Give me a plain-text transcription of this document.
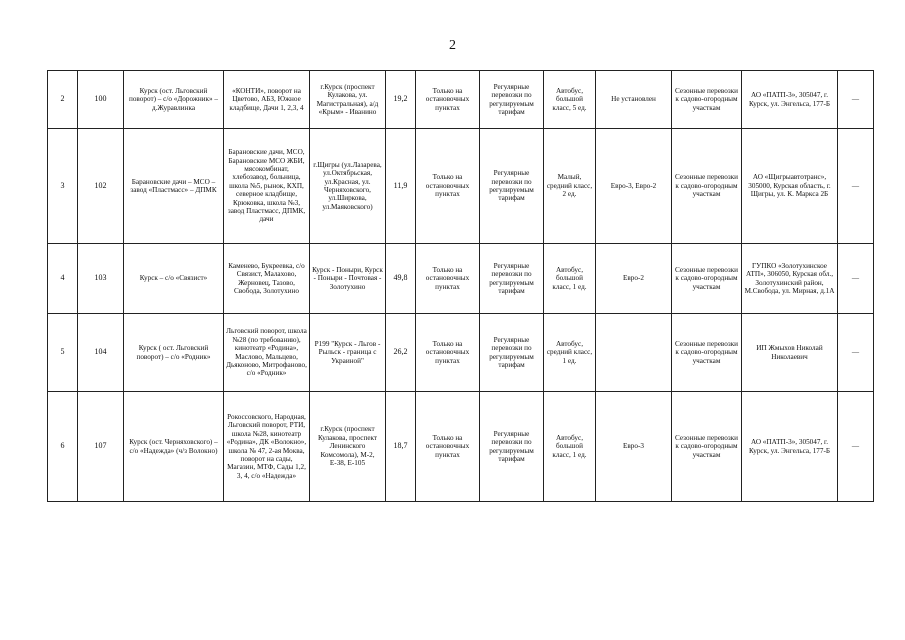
2
2	100	Курск (ост. Льговский поворот) – с/о «Дорожник» – д.Журавлинка	«КОНТИ», поворот на Цветово, АБЗ, Южное кладбище, Дачи 1, 2,3, 4	г.Курск (проспект Кулакова, ул. Магистральная), а/д «Крым» - Иванино	19,2	Только на остановочных пунктах	Регулярные перевозки по регулируемым тарифам	Автобус, большой класс, 5 ед.	Не установлен	Сезонные перевозки к садово-огородным участкам	АО «ПАТП-3», 305047, г. Курск, ул. Энгельса, 177-Б	—
3	102	Барановские дачи – МСО – завод «Пластмасс» – ДПМК	Барановские дачи, МСО, Барановские МСО ЖБИ, мясокомбинат, хлебозавод, больница, школа №5, рынок, КХП, северное кладбище, Крюковка, школа №3, завод Пластмасс, ДПМК, дачи	г.Щигры (ул.Лазарева, ул.Октябрьская, ул.Красная, ул. Черняховского, ул.Ширкова, ул.Маяковского)	11,9	Только на остановочных пунктах	Регулярные перевозки по регулируемым тарифам	Малый, средний класс, 2 ед.	Евро-3, Евро-2	Сезонные перевозки к садово-огородным участкам	АО «Щигрыавтотранс», 305000, Курская область, г. Щигры, ул. К. Маркса 2Б	—
4	103	Курск – с/о «Связист»	Каменево, Букреевка, с/о Связист, Малахово, Жерновец, Тазово, Свобода, Золотухино	Курск - Поныри, Курск - Поныри - Почтовая - Золотухино	49,8	Только на остановочных пунктах	Регулярные перевозки по регулируемым тарифам	Автобус, большой класс, 1 ед.	Евро-2	Сезонные перевозки к садово-огородным участкам	ГУПКО «Золотухинское АТП», 306050, Курская обл., Золотухинский район, М.Свобода, ул. Мирная, д.1А	—
5	104	Курск ( ост. Льговский поворот) – с/о «Родник»	Льговский поворот, школа №28 (по требованию), кинотеатр «Родина», Маслово, Мальцево, Дьяконово, Митрофаново, с/о «Родник»	Р199 "Курск - Льгов - Рыльск - граница с Украиной"	26,2	Только на остановочных пунктах	Регулярные перевозки по регулируемым тарифам	Автобус, средний класс, 1 ед.		Сезонные перевозки к садово-огородным участкам	ИП Жмыхов Николай Николаевич	—
6	107	Курск (ост. Черняховского) – с/о «Надежда» (ч/з Волокно)	Рокоссовского, Народная, Льговский поворот, РТИ, школа №28, кинотеатр «Родина», ДК «Волокно», школа № 47, 2-ая Моква, поворот на сады, Магазин, МТФ, Сады 1,2, 3, 4, с/о «Надежда»	г.Курск (проспект Кулакова, проспект Ленинского Комсомола), М-2, Е-38, Е-105	18,7	Только на остановочных пунктах	Регулярные перевозки по регулируемым тарифам	Автобус, большой класс, 1 ед.	Евро-3	Сезонные перевозки к садово-огородным участкам	АО «ПАТП-3», 305047, г. Курск, ул. Энгельса, 177-Б	—
